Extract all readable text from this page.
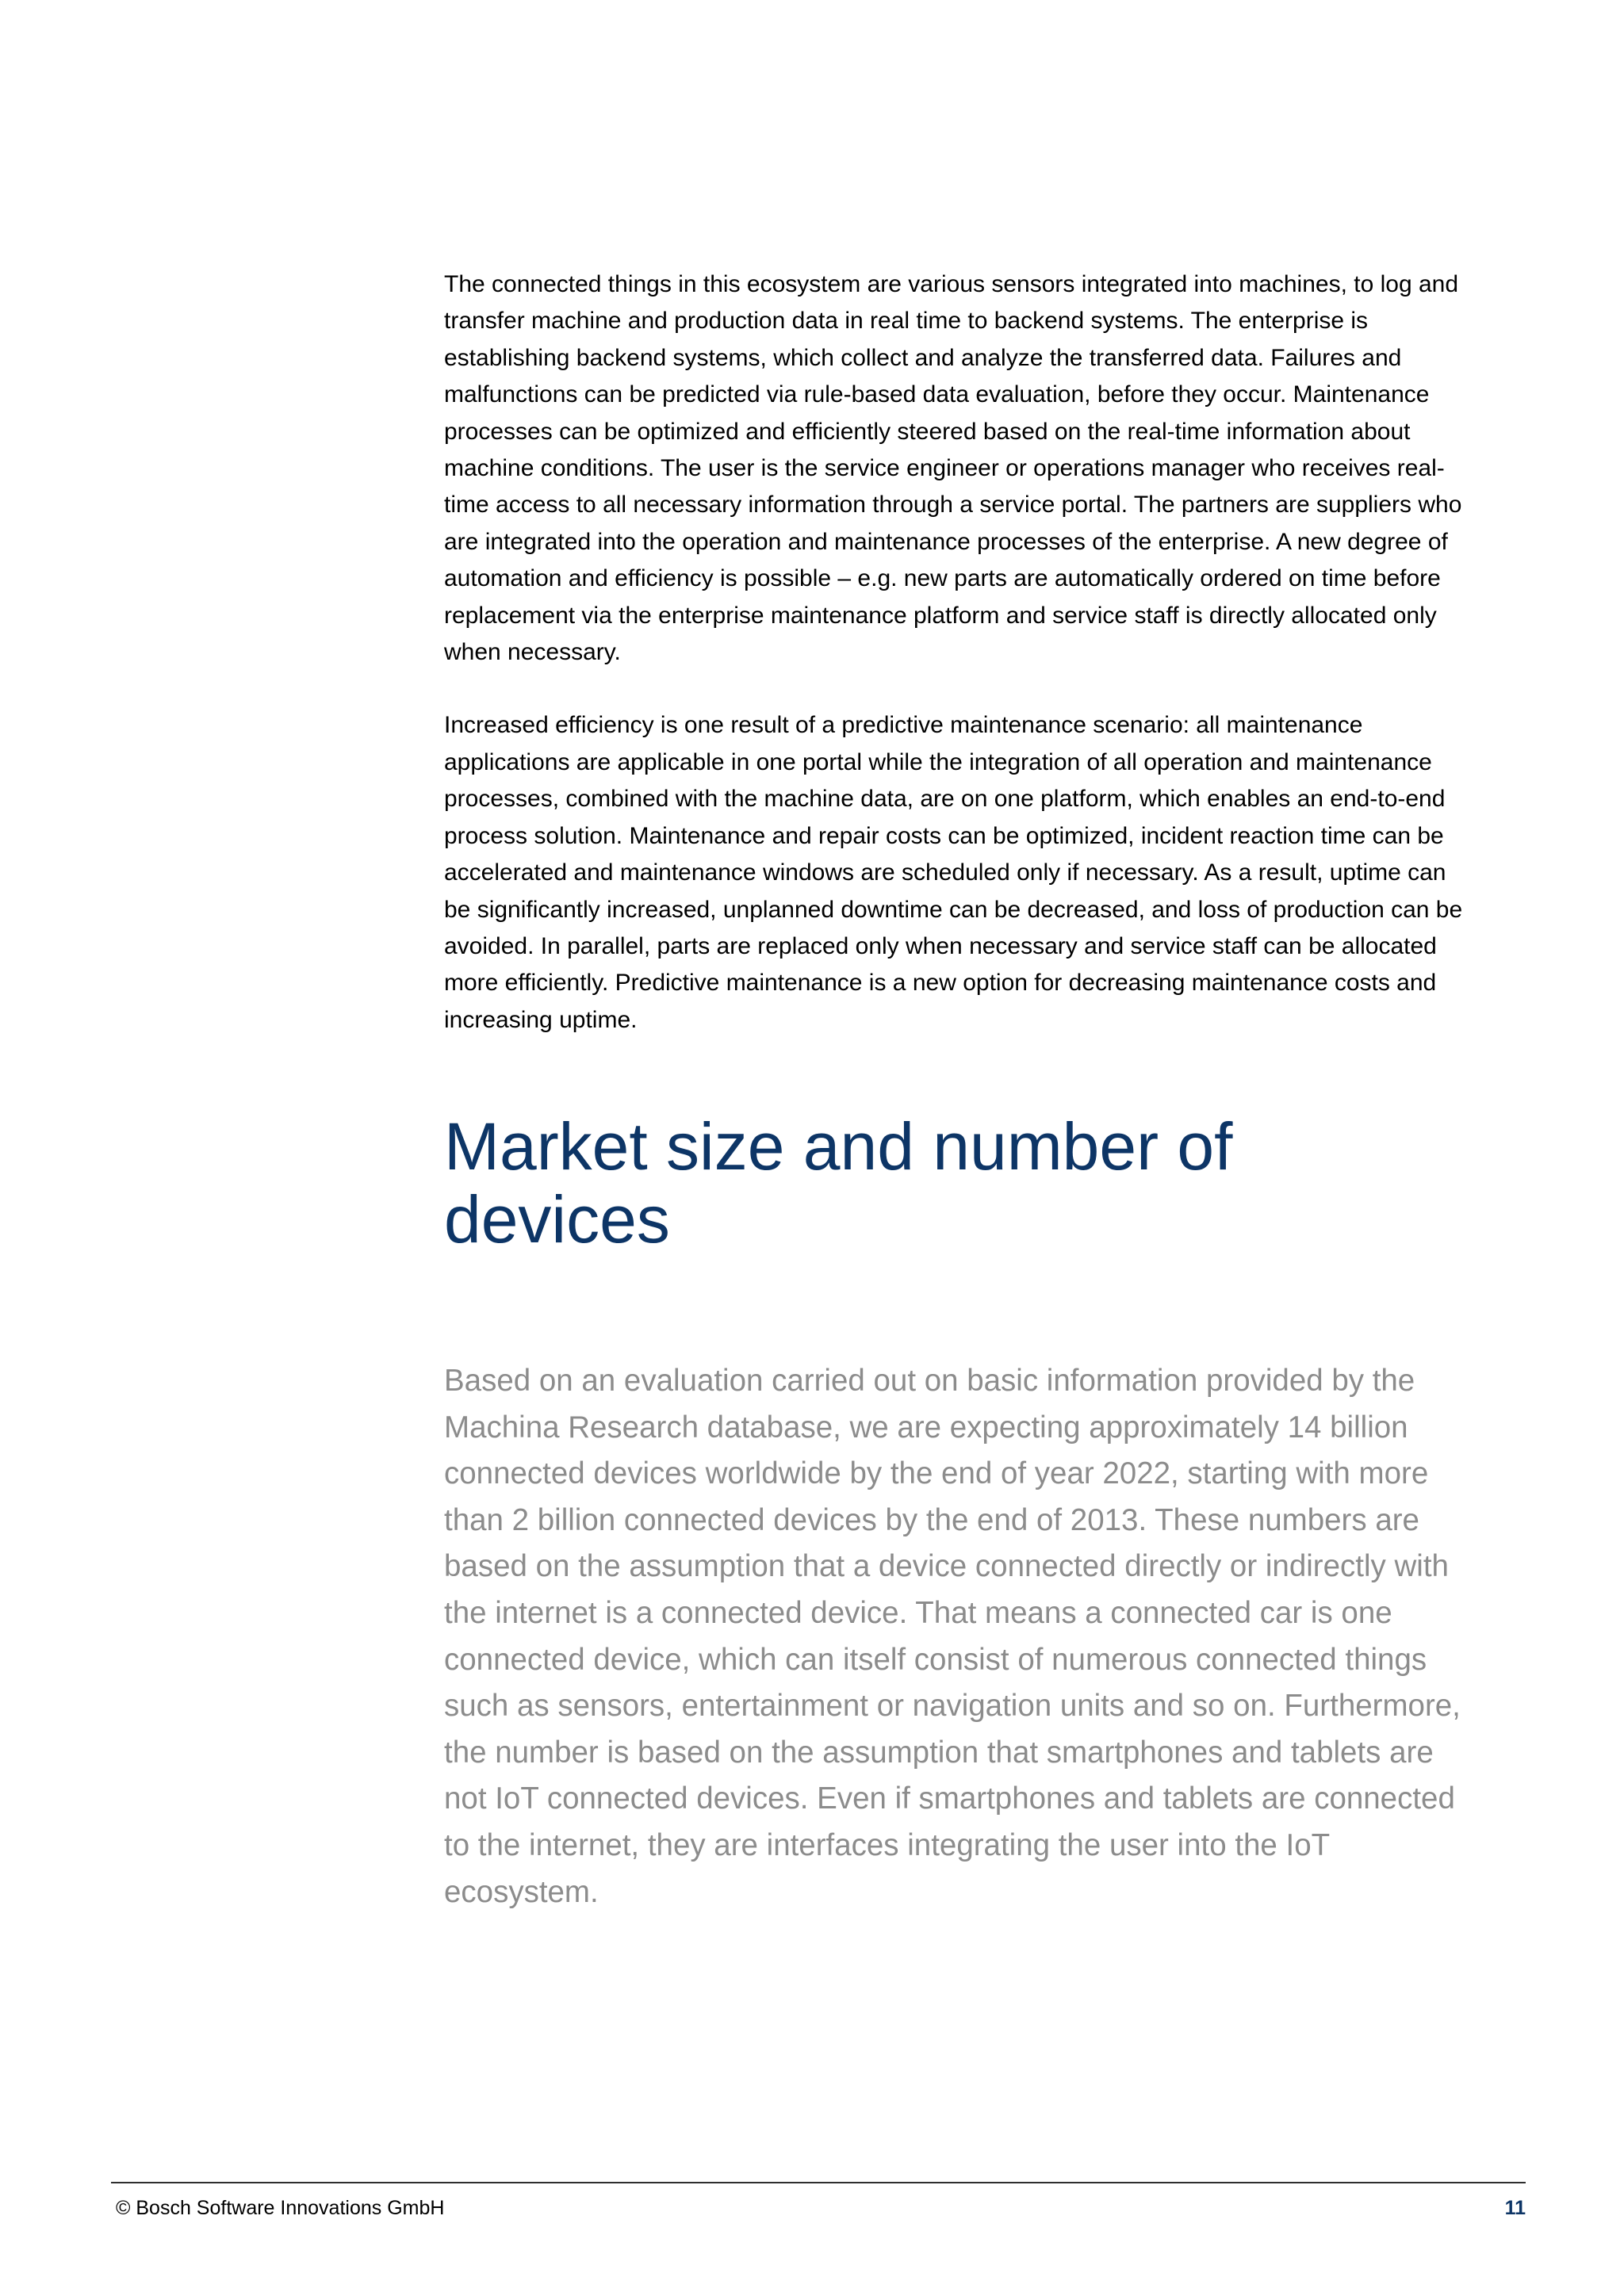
The connected things in this ecosystem are various sensors integrated into machines, to log and transfer machine and production data in real time to backend systems. The enterprise is establishing backend systems, which collect and analyze the transferred data. Failures and malfunctions can be predicted via rule-based data evaluation, before they occur. Maintenance processes can be optimized and efficiently steered based on the real-time information about machine conditions. The user is the service engineer or operations manager who receives real-time access to all necessary information through a service portal. The partners are suppliers who are integrated into the operation and maintenance processes of the enterprise. A new degree of automation and efficiency is possible – e.g. new parts are automatically ordered on time before replacement via the enterprise maintenance platform and service staff is directly allocated only when necessary.

Increased efficiency is one result of a predictive maintenance scenario: all maintenance applications are applicable in one portal while the integration of all operation and maintenance processes, combined with the machine data, are on one platform, which enables an end-to-end process solution. Maintenance and repair costs can be optimized, incident reaction time can be accelerated and maintenance windows are scheduled only if necessary. As a result, uptime can be significantly increased, unplanned downtime can be decreased, and loss of production can be avoided. In parallel, parts are replaced only when necessary and service staff can be allocated more efficiently. Predictive maintenance is a new option for decreasing maintenance costs and increasing uptime.

Market size and number of devices

Based on an evaluation carried out on basic information provided by the Machina Research database, we are expecting approximately 14 billion connected devices worldwide by the end of year 2022, starting with more than 2 billion connected devices by the end of 2013. These numbers are based on the assumption that a device connected directly or indirectly with the internet is a connected device. That means a connected car is one connected device, which can itself consist of numerous connected things such as sensors, entertainment or navigation units and so on. Furthermore, the number is based on the assumption that smartphones and tablets are not IoT connected devices. Even if smartphones and tablets are connected to the internet, they are interfaces integrating the user into the IoT ecosystem.

© Bosch Software Innovations GmbH	11
